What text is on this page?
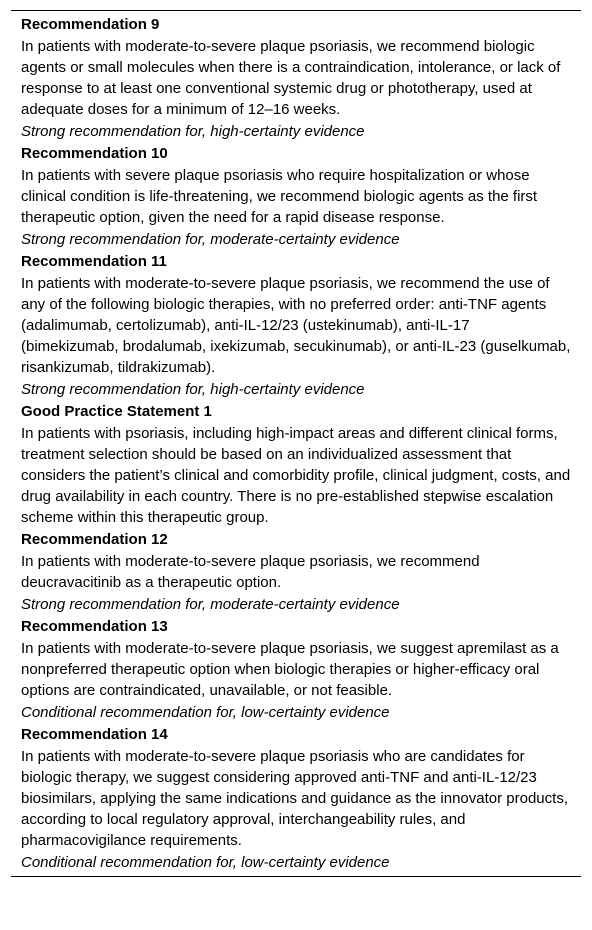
Recommendation 9
In patients with moderate-to-severe plaque psoriasis, we recommend biologic agents or small molecules when there is a contraindication, intolerance, or lack of response to at least one conventional systemic drug or phototherapy, used at adequate doses for a minimum of 12–16 weeks.
Strong recommendation for, high-certainty evidence
Recommendation 10
In patients with severe plaque psoriasis who require hospitalization or whose clinical condition is life-threatening, we recommend biologic agents as the first therapeutic option, given the need for a rapid disease response.
Strong recommendation for, moderate-certainty evidence
Recommendation 11
In patients with moderate-to-severe plaque psoriasis, we recommend the use of any of the following biologic therapies, with no preferred order: anti-TNF agents (adalimumab, certolizumab), anti-IL-12/23 (ustekinumab), anti-IL-17 (bimekizumab, brodalumab, ixekizumab, secukinumab), or anti-IL-23 (guselkumab, risankizumab, tildrakizumab).
Strong recommendation for, high-certainty evidence
Good Practice Statement 1
In patients with psoriasis, including high-impact areas and different clinical forms, treatment selection should be based on an individualized assessment that considers the patient’s clinical and comorbidity profile, clinical judgment, costs, and drug availability in each country. There is no pre-established stepwise escalation scheme within this therapeutic group.
Recommendation 12
In patients with moderate-to-severe plaque psoriasis, we recommend deucravacitinib as a therapeutic option.
Strong recommendation for, moderate-certainty evidence
Recommendation 13
In patients with moderate-to-severe plaque psoriasis, we suggest apremilast as a nonpreferred therapeutic option when biologic therapies or higher-efficacy oral options are contraindicated, unavailable, or not feasible.
Conditional recommendation for, low-certainty evidence
Recommendation 14
In patients with moderate-to-severe plaque psoriasis who are candidates for biologic therapy, we suggest considering approved anti-TNF and anti-IL-12/23 biosimilars, applying the same indications and guidance as the innovator products, according to local regulatory approval, interchangeability rules, and pharmacovigilance requirements.
Conditional recommendation for, low-certainty evidence
